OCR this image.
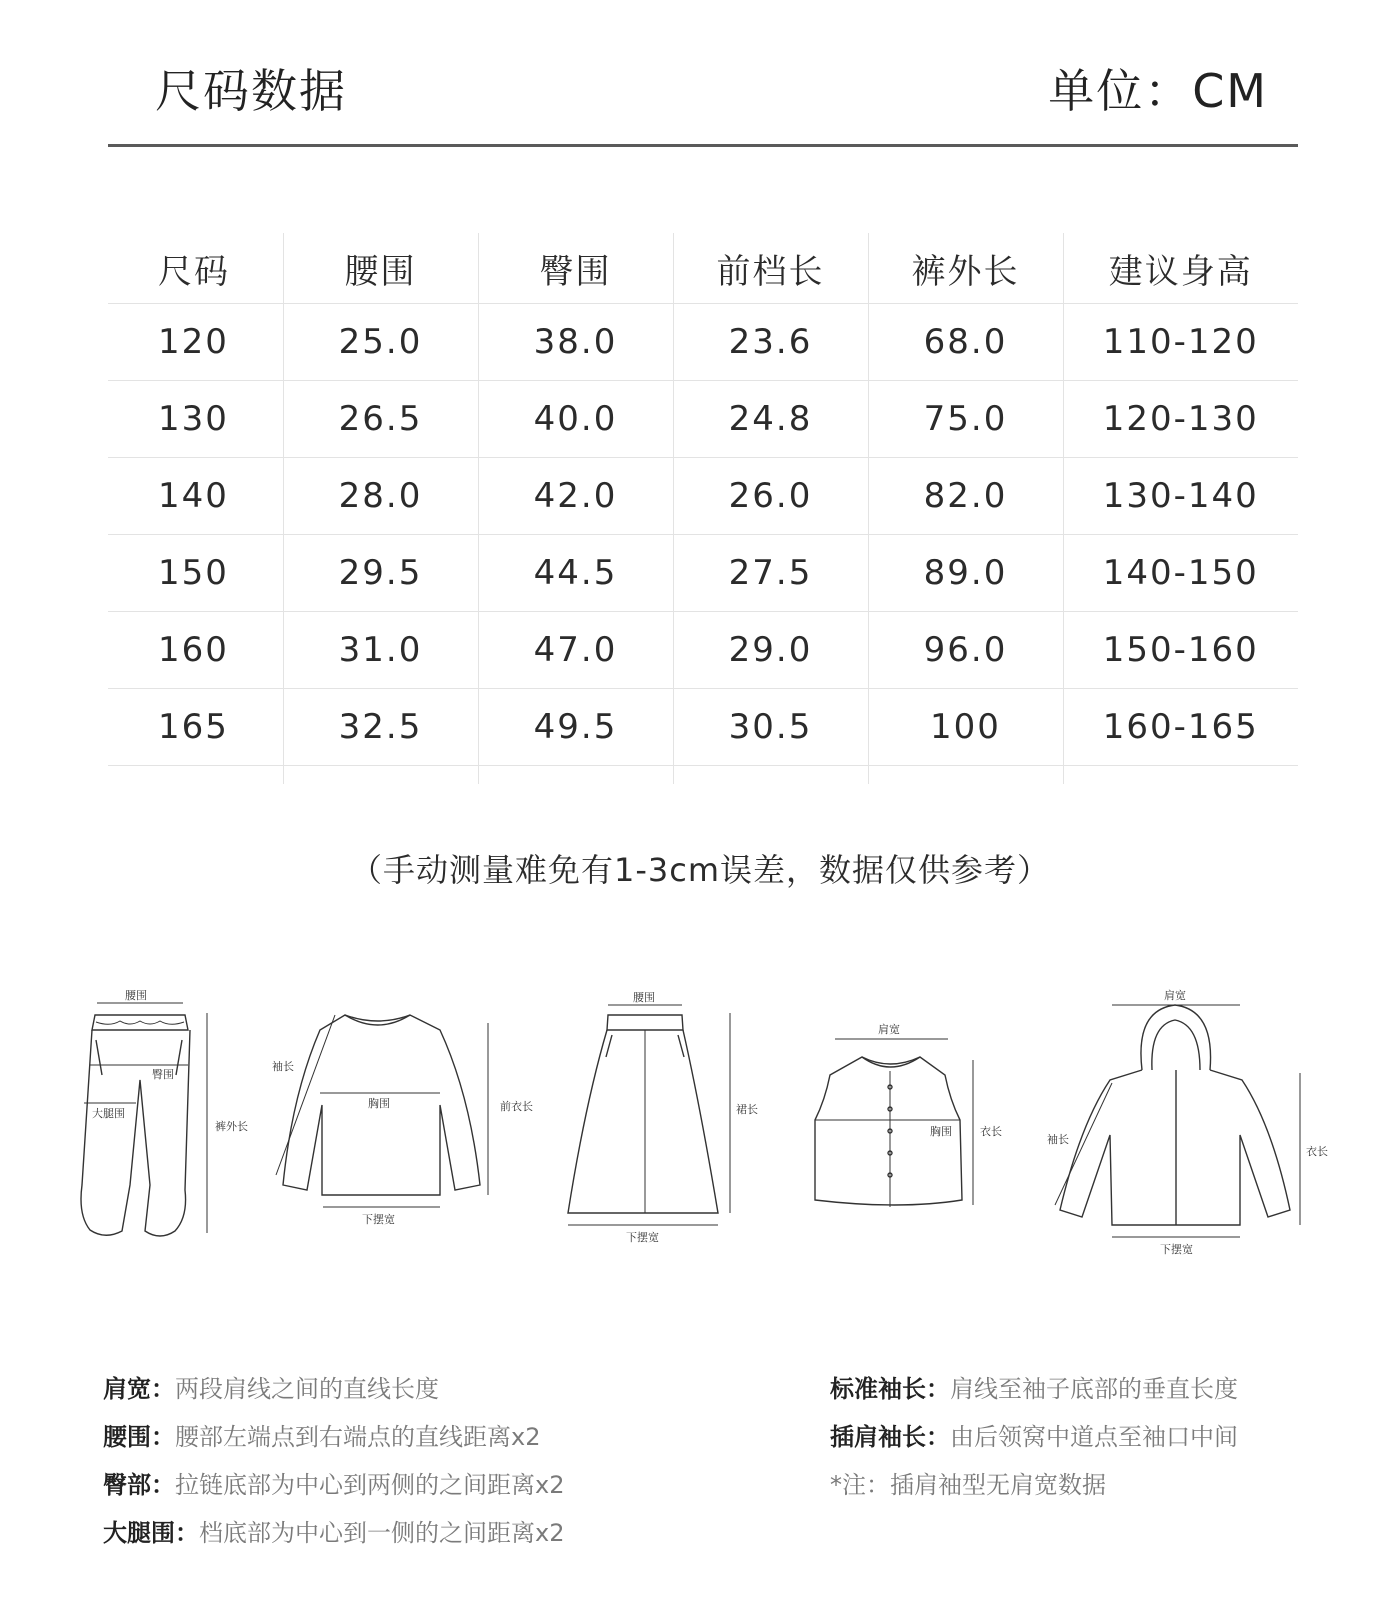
尺码数据	单位：CM
尺码	腰围	臀围	前档长	裤外长	建议身高
120	25.0	38.0	23.6	68.0	110-120
130	26.5	40.0	24.8	75.0	120-130
140	28.0	42.0	26.0	82.0	130-140
150	29.5	44.5	27.5	89.0	140-150
160	31.0	47.0	29.0	96.0	150-160
165	32.5	49.5	30.5	100	160-165

（手动测量难免有1-3cm误差，数据仅供参考）
腰围
臀围
大腿围
裤外长
袖长
胸围	前衣长
下摆宽
腰围
裙长
下摆宽
肩宽
胸围	衣长
肩宽
袖长
衣长
下摆宽
肩宽：两段肩线之间的直线长度
腰围：腰部左端点到右端点的直线距离x2
臀部：拉链底部为中心到两侧的之间距离x2
大腿围：档底部为中心到一侧的之间距离x2
标准袖长：肩线至袖子底部的垂直长度
插肩袖长：由后领窝中道点至袖口中间
*注：插肩袖型无肩宽数据
